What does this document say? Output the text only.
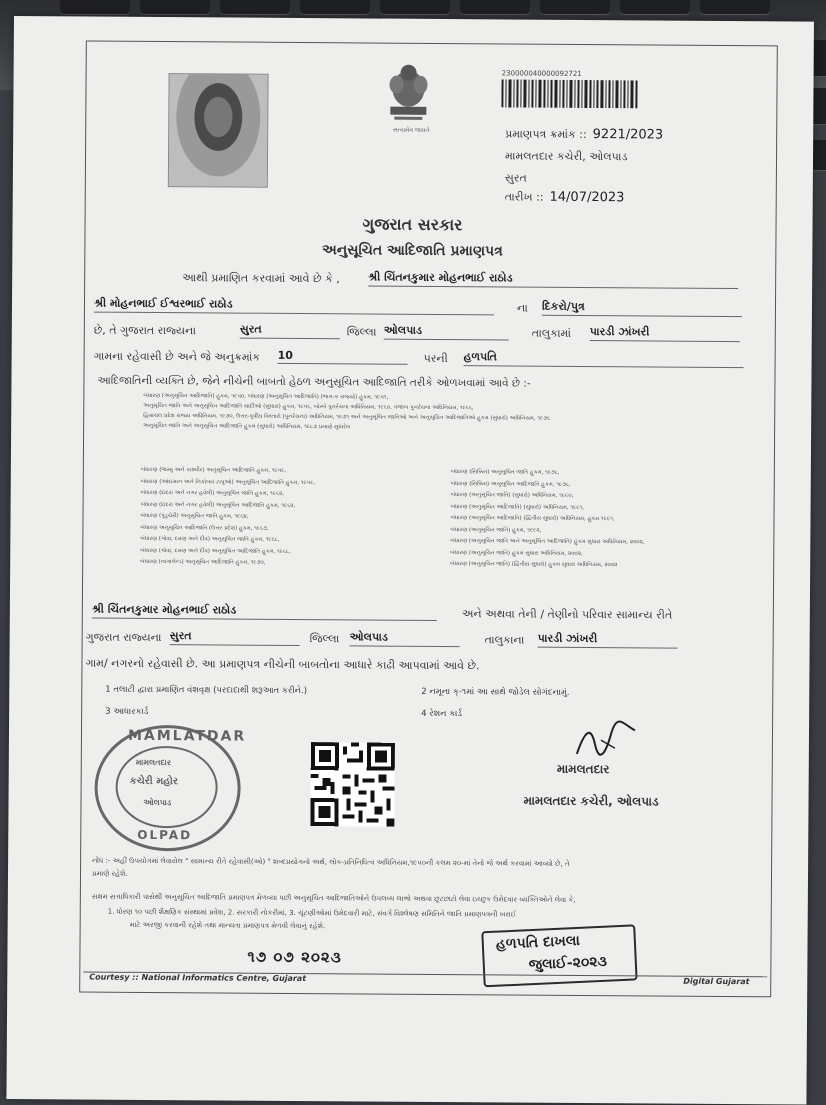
સત્યમેવ જયતે
230000040000092721
પ્રમાણપત્ર ક્રમાંક :: 9221/2023
મામલતદાર કચેરી, ઓલપાડ
સુરત
તારીખ :: 14/07/2023
ગુજરાત સરકાર
અનુસૂચિત આદિજાતિ પ્રમાણપત્ર
આથી પ્રમાણિત કરવામાં આવે છે કે ,	શ્રી ચિંતનકુમાર મોહનભાઈ રાઠોડ
શ્રી મોહનભાઈ ઈશ્વરભાઈ રાઠોડ	ના દિકરો/પુત્ર
છે, તે ગુજરાત રાજ્યના	સુરત	જિલ્લા ઓલપાડ	તાલુકામાં પારડી ઝાંખરી
ગામના રહેવાસી છે અને જે અનુક્રમાંક 10	પરની હળપતિ
આદિજાતિની વ્યક્તિ છે, જેને નીચેની બાબતો હેઠળ અનુસૂચિત આદિજાતિ તરીકે ઓળખવામાં આવે છે :-
બંધારણ (અનુસૂચિત આદિજાતિ) હુકમ, ૧૯૫૦, બંધારણ (અનુસૂચિત આદિજાતિ) (ભાગ-ક રાજ્યો) હુકમ, ૧૯૫૧,
અનુસૂચિત જાતિ અને અનુસૂચિત આદિજાતિ યાદીઓ (સુધારા) હુકમ, ૧૯૫૬, બોમ્બે પુનર્રચના અધિનિયમ, ૧૯૬૦, પંજાબ પુનર્રચના અધિનિયમ, ૧૯૬૬,
હિમાચલ પ્રદેશ રાજ્ય અધિનિયમ, ૧૯૭૦, ઉત્તર-પૂર્વીય વિસ્તારો (પુનર્રચના) અધિનિયમ, ૧૯૭૧ અને અનુસૂચિત જાતિઓ અને અનુસૂચિત આદિજાતિઓ હુકમ (સુધારો) અધિનિયમ, ૧૯૭૬
અનુસૂચિત જાતિ અને અનુસૂચિત આદિજાતિ હુકમ (સુધારો) અધિનિયમ, ૧૯૮૭ પ્રમાણે સુધારેલ
બંધારણ (જમ્મુ અને કાશ્મીર) અનુસૂચિત આદિજાતિ હુકમ, ૧૯૫૯,
બંધારણ (આંદામાન અને નિકોબાર ટાપુઓ) અનુસૂચિત આદિજાતિ હુકમ, ૧૯૫૯,
બંધારણ (દાદરા અને નગર હવેલી) અનુસૂચિત જાતિ હુકમ, ૧૯૬૨,
બંધારણ (દાદરા અને નગર હવેલી) અનુસૂચિત આદિજાતિ હુકમ, ૧૯૬૨,
બંધારણ (પુડુચેરી) અનુસૂચિત જાતિ હુકમ, ૧૯૬૪,
બંધારણ અનુસૂચિત આદિજાતિ (ઉત્તર પ્રદેશ) હુકમ, ૧૯૬૭,
બંધારણ (ગોવા, દમણ અને દીવ) અનુસૂચિત જાતિ હુકમ, ૧૯૬૮,
બંધારણ (ગોવા, દમણ અને દીવ) અનુસૂચિત આદિજાતિ હુકમ, ૧૯૬૮,
બંધારણ (નાગાલેન્ડ) અનુસૂચિત આદિજાતિ હુકમ, ૧૯૭૦,
બંધારણ (સિક્કિમ) અનુસૂચિત જાતિ હુકમ, ૧૯૭૮,
બંધારણ (સિક્કિમ) અનુસૂચિત આદિજાતિ હુકમ, ૧૯૭૮,
બંધારણ (અનુસૂચિત જાતિ) (સુધારો) અધિનિયમ, ૧૯૯૦,
બંધારણ (અનુસૂચિત આદિજાતિ) (સુધારો) અધિનિયમ, ૧૯૯૧,
બંધારણ (અનુસૂચિત આદિજાતિ) (દ્વિતીય સુધારો) અધિનિયમ, હુકમ ૧૯૯૧,
બંધારણ (અનુસૂચિત જાતિ) હુકમ, ૧૯૯૨,
બંધારણ (અનુસૂચિત જાતિ અને અનુસૂચિત આદિજાતિ) હુકમ સુધારા અધિનિયમ, ૨૦૦૨,
બંધારણ (અનુસૂચિત જાતિ) હુકમ સુધારા અધિનિયમ, ૨૦૦૨,
બંધારણ (અનુસૂચિત જાતિ) (દ્વિતીય સુધારો) હુકમ સુધારા અધિનિયમ, ૨૦૦૨
શ્રી ચિંતનકુમાર મોહનભાઈ રાઠોડ	અને અથવા તેની / તેણીનો પરિવાર સામાન્ય રીતે
ગુજરાત રાજ્યના સુરત	જિલ્લા ઓલપાડ	તાલુકાના પારડી ઝાંખરી
ગામ/ નગરનો રહેવાસી છે. આ પ્રમાણપત્ર નીચેની બાબતોના આધારે કાઢી આપવામાં આવે છે.
1 તલાટી દ્વારા પ્રમાણિત વંશવૃક્ષ (પરદાદાથી શરૂઆત કરીને.)	2 નમૂના ક્-૧માં આ સાથે જોડેલ સોગંદનામું.
3 આધારકાર્ડ	4 રેશન કાર્ડ
MAMLATDAR
OLPAD
મામલતદાર
કચેરી મહોર
ઓલપાડ
મામલતદાર
મામલતદાર કચેરી, ઓલપાડ
નોંધ :- અહીં ઉપયોગમાં લેવાયેલ " સામાન્ય રીતે રહેવાસી(ઓ) " શબ્દપ્રયોગનો અર્થ, લોક-પ્રતિનિધિત્વ અધિનિયમ,૧૯૫૦ની કલમ ૨૦-માં તેનો જે અર્થ કરવામાં આવ્યો છે, તે
પ્રમાણે રહેશે.
સક્ષમ સત્તાધિકારી પાસેથી અનુસૂચિત આદિજાતિ પ્રમાણપત્ર મેળવ્યા પછી અનુસૂચિત આદિજાતિઓને ઉપલબ્ધ લાભો અથવા છૂટછાટો લેવા ઇચ્છુક ઉમેદવાર વ્યક્તિઓને લેવા કે,
1. ધોરણ ૧૦ પછી શૈક્ષણિક સંસ્થામાં પ્રવેશ, 2. સરકારી નોકરીમાં, 3. ચૂંટણીઓમાં ઉમેદવારી માટે, સંવર્ગ વિશ્લેષણ સમિતિને જાતિ પ્રમાણપત્રની ખરાઈ
માટે અરજી કરવાની રહેશે તથા માન્યતા પ્રમાણપત્ર મેળવી લેવાનું રહેશે.
૧૭ ૦૭ ૨૦૨૩
હળપતિ દાખલા
જુલાઈ-૨૦૨૩
Courtesy :: National Informatics Centre, Gujarat	Digital Gujarat
